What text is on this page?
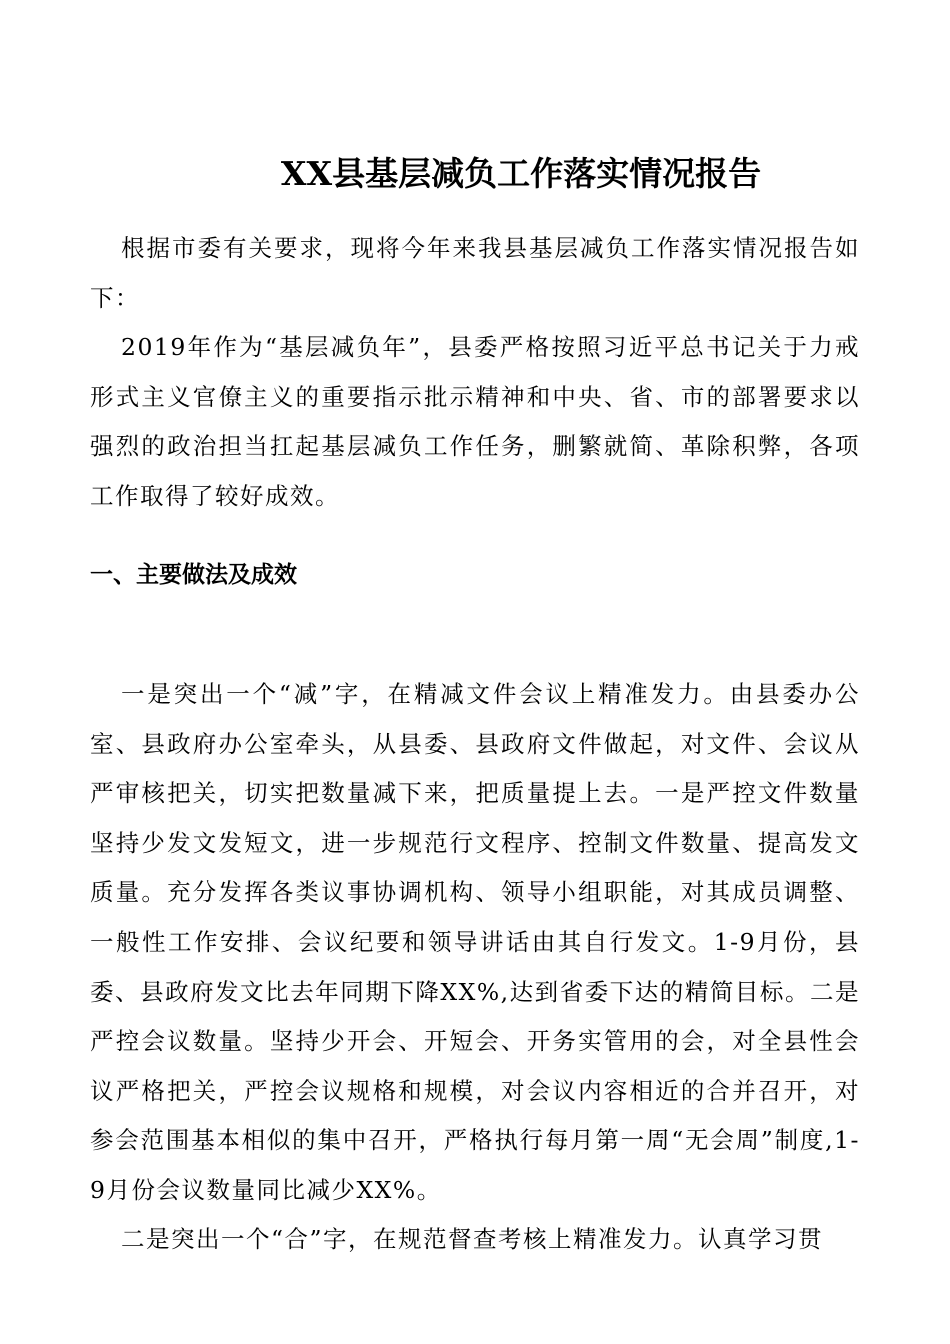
XX县基层减负工作落实情况报告
根据市委有关要求，现将今年来我县基层减负工作落实情况报告如下：
2019年作为“基层减负年”，县委严格按照习近平总书记关于力戒形式主义官僚主义的重要指示批示精神和中央、省、市的部署要求以强烈的政治担当扛起基层减负工作任务，删繁就简、革除积弊，各项工作取得了较好成效。
一、主要做法及成效
一是突出一个“减”字，在精减文件会议上精准发力。由县委办公室、县政府办公室牵头，从县委、县政府文件做起，对文件、会议从严审核把关，切实把数量减下来，把质量提上去。一是严控文件数量坚持少发文发短文，进一步规范行文程序、控制文件数量、提高发文质量。充分发挥各类议事协调机构、领导小组职能，对其成员调整、一般性工作安排、会议纪要和领导讲话由其自行发文。1-9月份，县委、县政府发文比去年同期下降XX%,达到省委下达的精简目标。二是严控会议数量。坚持少开会、开短会、开务实管用的会，对全县性会议严格把关，严控会议规格和规模，对会议内容相近的合并召开，对参会范围基本相似的集中召开，严格执行每月第一周“无会周”制度,1-9月份会议数量同比减少XX%。
二是突出一个“合”字，在规范督查考核上精准发力。认真学习贯
